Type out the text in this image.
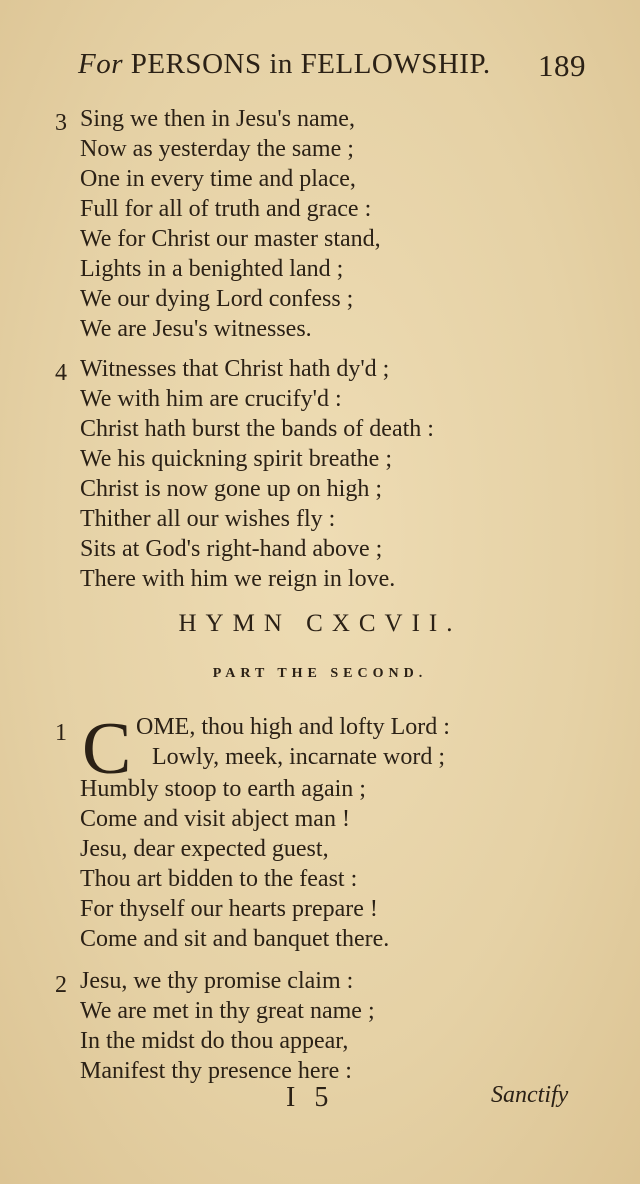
For PERSONS in FELLOWSHIP. 189
3 Sing we then in Jesu's name,
Now as yesterday the same ;
One in every time and place,
Full for all of truth and grace :
We for Christ our master stand,
Lights in a benighted land ;
We our dying Lord confess ;
We are Jesu's witnesses.
4 Witnesses that Christ hath dy'd ;
We with him are crucify'd :
Christ hath burst the bands of death :
We his quickning spirit breathe ;
Christ is now gone up on high ;
Thither all our wishes fly :
Sits at God's right-hand above ;
There with him we reign in love.
HYMN CXCVII.
PART THE SECOND.
1 C OME, thou high and lofty Lord :
Lowly, meek, incarnate word ;
Humbly stoop to earth again ;
Come and visit abject man !
Jesu, dear expected guest,
Thou art bidden to the feast :
For thyself our hearts prepare !
Come and sit and banquet there.
2 Jesu, we thy promise claim :
We are met in thy great name ;
In the midst do thou appear,
Manifest thy presence here :
I 5	Sanctify
